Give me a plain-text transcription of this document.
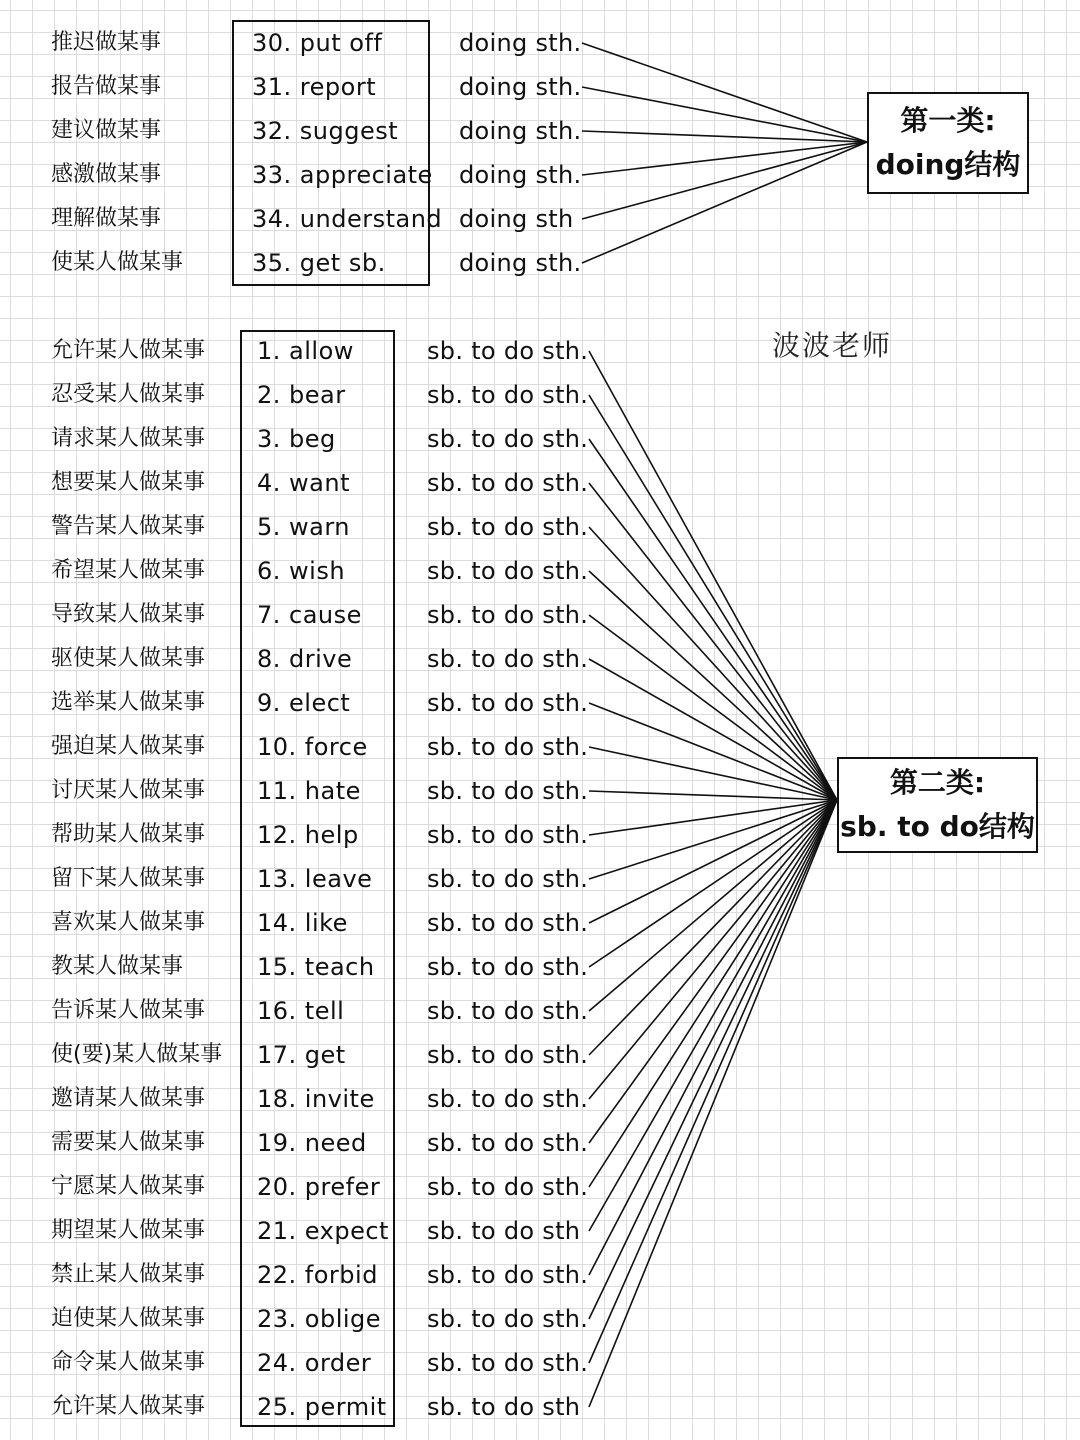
推迟做某事	30. put off	doing sth.
报告做某事	31. report	doing sth.
建议做某事	32. suggest	doing sth.
感激做某事	33. appreciate doing sth.
理解做某事	34. understand doing sth
使某人做某事	35. get sb.	doing sth.
第一类:
doing结构
波波老师
允许某人做某事 1. allow	sb. to do sth.
忍受某人做某事 2. bear	sb. to do sth.
请求某人做某事 3. beg	sb. to do sth.
想要某人做某事 4. want	sb. to do sth.
警告某人做某事 5. warn	sb. to do sth.
希望某人做某事 6. wish	sb. to do sth.
导致某人做某事 7. cause	sb. to do sth.
驱使某人做某事 8. drive	sb. to do sth.
选举某人做某事 9. elect	sb. to do sth.
强迫某人做某事 10. force sb. to do sth.
讨厌某人做某事 11. hate	sb. to do sth.
帮助某人做某事 12. help	sb. to do sth.
留下某人做某事 13. leave sb. to do sth.
喜欢某人做某事 14. like	sb. to do sth.
教某人做某事	15. teach sb. to do sth.
告诉某人做某事 16. tell	sb. to do sth.
使(要)某人做某事 17. get	sb. to do sth.
邀请某人做某事 18. invite sb. to do sth.
需要某人做某事 19. need	sb. to do sth.
宁愿某人做某事 20. prefer sb. to do sth.
期望某人做某事 21. expect sb. to do sth
禁止某人做某事 22. forbid sb. to do sth.
迫使某人做某事 23. oblige sb. to do sth.
命令某人做某事 24. order sb. to do sth.
允许某人做某事 25. permit sb. to do sth
第二类:
sb. to do结构
